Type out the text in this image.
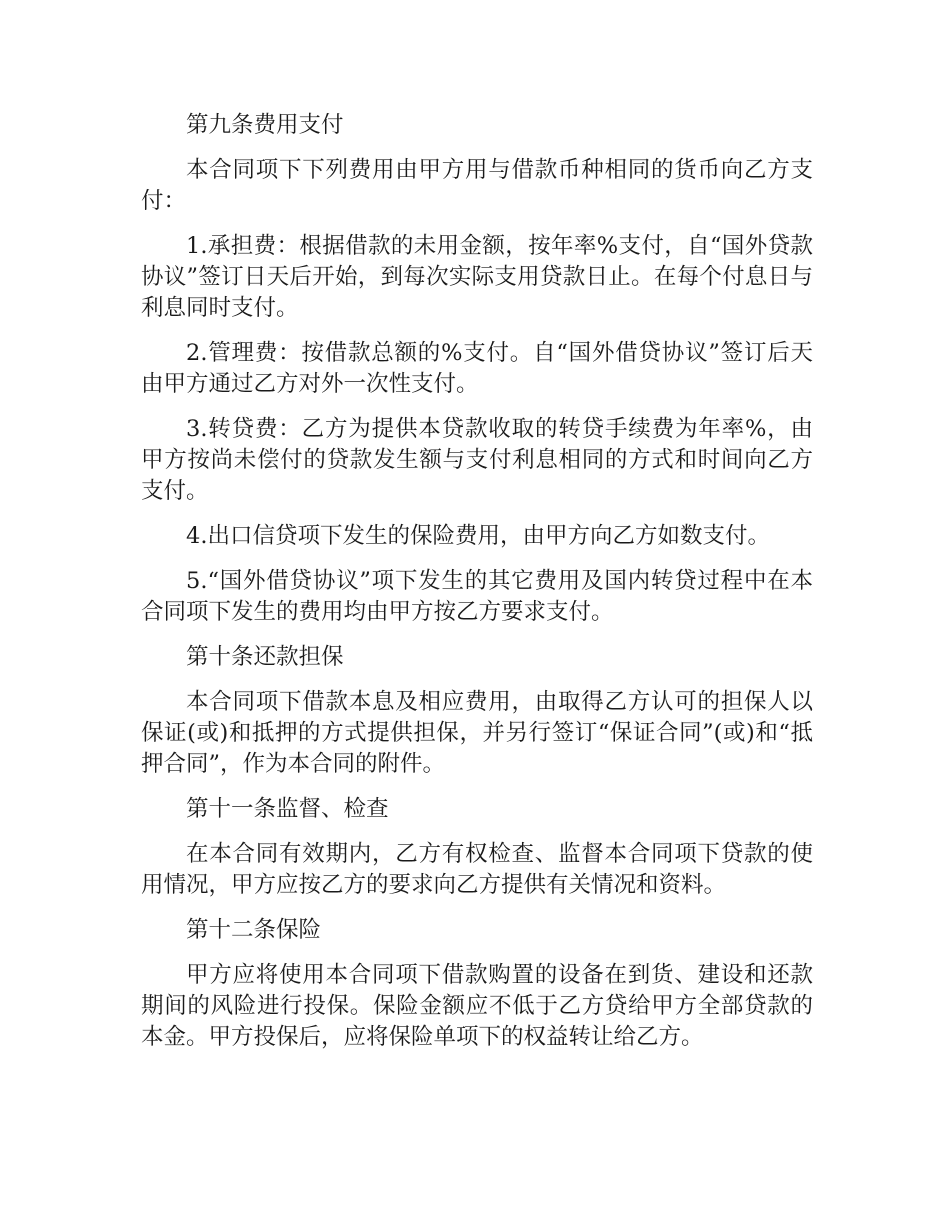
第九条费用支付

本合同项下下列费用由甲方用与借款币种相同的货币向乙方支付：

1.承担费：根据借款的未用金额，按年率%支付，自“国外贷款协议”签订日天后开始，到每次实际支用贷款日止。在每个付息日与利息同时支付。

2.管理费：按借款总额的%支付。自“国外借贷协议”签订后天由甲方通过乙方对外一次性支付。

3.转贷费：乙方为提供本贷款收取的转贷手续费为年率%，由甲方按尚未偿付的贷款发生额与支付利息相同的方式和时间向乙方支付。

4.出口信贷项下发生的保险费用，由甲方向乙方如数支付。

5.“国外借贷协议”项下发生的其它费用及国内转贷过程中在本合同项下发生的费用均由甲方按乙方要求支付。

第十条还款担保

本合同项下借款本息及相应费用，由取得乙方认可的担保人以保证(或)和抵押的方式提供担保，并另行签订“保证合同”(或)和“抵押合同”，作为本合同的附件。

第十一条监督、检查

在本合同有效期内，乙方有权检查、监督本合同项下贷款的使用情况，甲方应按乙方的要求向乙方提供有关情况和资料。

第十二条保险

甲方应将使用本合同项下借款购置的设备在到货、建设和还款期间的风险进行投保。保险金额应不低于乙方贷给甲方全部贷款的本金。甲方投保后，应将保险单项下的权益转让给乙方。
